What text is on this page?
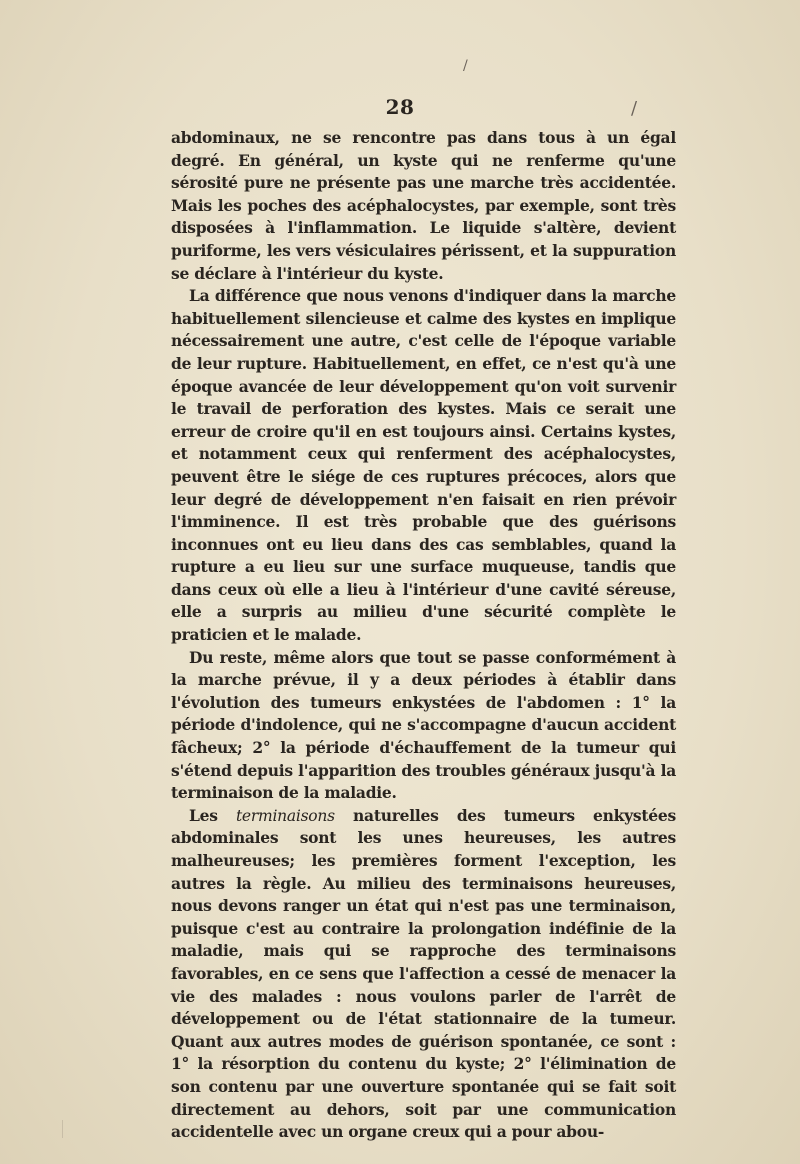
/
/
28

abdominaux, ne se rencontre pas dans tous à un égal degré. En général, un kyste qui ne renferme qu'une sérosité pure ne présente pas une marche très accidentée. Mais les poches des acéphalocystes, par exemple, sont très disposées à l'inflammation. Le liquide s'altère, devient puriforme, les vers vésiculaires périssent, et la suppuration se déclare à l'intérieur du kyste.

La différence que nous venons d'indiquer dans la marche habituellement silencieuse et calme des kystes en implique nécessairement une autre, c'est celle de l'époque variable de leur rupture. Habituellement, en effet, ce n'est qu'à une époque avancée de leur développement qu'on voit survenir le travail de perforation des kystes. Mais ce serait une erreur de croire qu'il en est toujours ainsi. Certains kystes, et notamment ceux qui renferment des acéphalocystes, peuvent être le siége de ces ruptures précoces, alors que leur degré de développement n'en faisait en rien prévoir l'imminence. Il est très probable que des guérisons inconnues ont eu lieu dans des cas semblables, quand la rupture a eu lieu sur une surface muqueuse, tandis que dans ceux où elle a lieu à l'intérieur d'une cavité séreuse, elle a surpris au milieu d'une sécurité complète le praticien et le malade.

Du reste, même alors que tout se passe conformément à la marche prévue, il y a deux périodes à établir dans l'évolution des tumeurs enkystées de l'abdomen : 1° la période d'indolence, qui ne s'accompagne d'aucun accident fâcheux; 2° la période d'échauffement de la tumeur qui s'étend depuis l'apparition des troubles généraux jusqu'à la terminaison de la maladie.

Les terminaisons naturelles des tumeurs enkystées abdominales sont les unes heureuses, les autres malheureuses; les premières forment l'exception, les autres la règle. Au milieu des terminaisons heureuses, nous devons ranger un état qui n'est pas une terminaison, puisque c'est au contraire la prolongation indéfinie de la maladie, mais qui se rapproche des terminaisons favorables, en ce sens que l'affection a cessé de menacer la vie des malades : nous voulons parler de l'arrêt de développement ou de l'état stationnaire de la tumeur. Quant aux autres modes de guérison spontanée, ce sont : 1° la résorption du contenu du kyste; 2° l'élimination de son contenu par une ouverture spontanée qui se fait soit directement au dehors, soit par une communication accidentelle avec un organe creux qui a pour abou-
